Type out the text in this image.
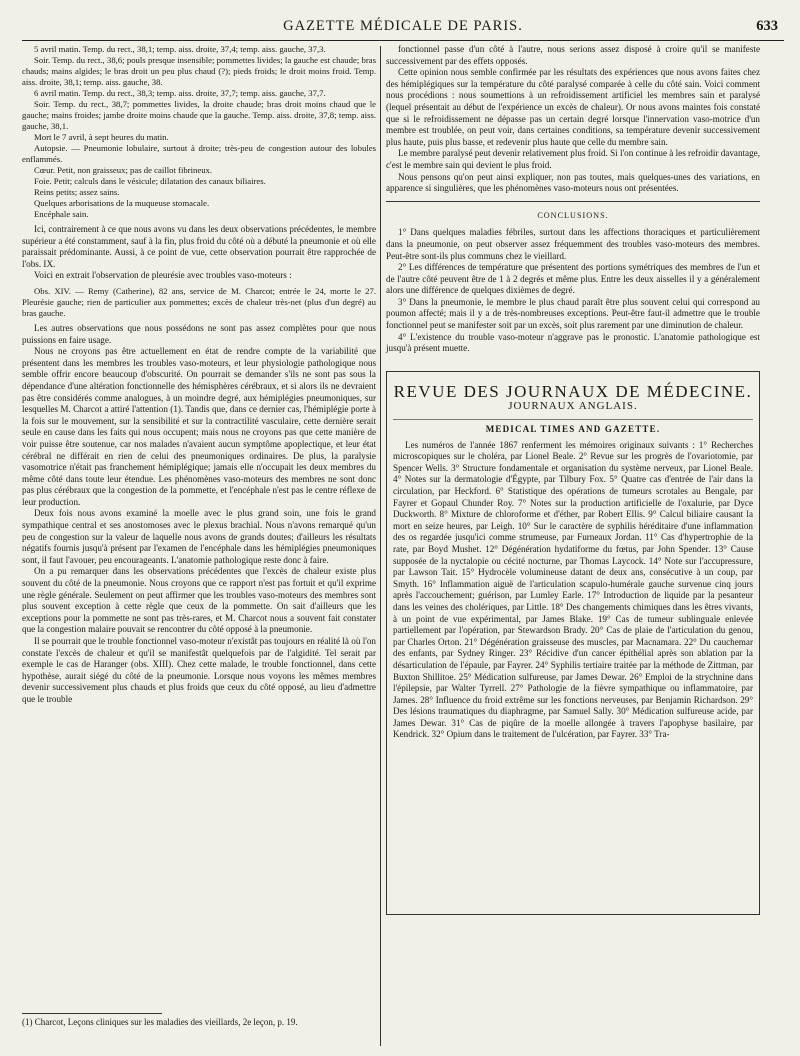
GAZETTE MÉDICALE DE PARIS.	633

5 avril matin. Temp. du rect., 38,1; temp. aiss. droite, 37,4; temp. aiss. gauche, 37,3.

Soir. Temp. du rect., 38,6; pouls presque insensible; pommettes livides; la gauche est chaude; bras chauds; mains algides; le bras droit un peu plus chaud (?); pieds froids; le droit moins froid. Temp. aiss. droite, 38,1; temp. aiss. gauche, 38.

6 avril matin. Temp. du rect., 38,3; temp. aiss. droite, 37,7; temp. aiss. gauche, 37,7.

Soir. Temp. du rect., 38,7; pommettes livides, la droite chaude; bras droit moins chaud que le gauche; mains froides; jambe droite moins chaude que la gauche. Temp. aiss. droite, 37,8; temp. aiss. gauche, 38,1.

Mort le 7 avril, à sept heures du matin.

Autopsie. — Pneumonie lobulaire, surtout à droite; très-peu de congestion autour des lobules enflammés.

Cœur. Petit, non graisseux; pas de caillot fibrineux.

Foie. Petit; calculs dans le vésicule; dilatation des canaux biliaires.

Reins petits; assez sains.

Quelques arborisations de la muqueuse stomacale.

Encéphale sain.

Ici, contrairement à ce que nous avons vu dans les deux observations précédentes, le membre supérieur a été constamment, sauf à la fin, plus froid du côté où a débuté la pneumonie et où elle paraissait prédominante. Aussi, à ce point de vue, cette observation pourrait être rapprochée de l'obs. IX.

Voici en extrait l'observation de pleurésie avec troubles vaso-moteurs :

Obs. XIV. — Remy (Catherine), 82 ans, service de M. Charcot; entrée le 24, morte le 27. Pleurésie gauche; rien de particulier aux pommettes; excès de chaleur très-net (plus d'un degré) au bras gauche.

Les autres observations que nous possédons ne sont pas assez complètes pour que nous puissions en faire usage.

Nous ne croyons pas être actuellement en état de rendre compte de la variabilité que présentent dans les membres les troubles vaso-moteurs, et leur physiologie pathologique nous semble offrir encore beaucoup d'obscurité. On pourrait se demander s'ils ne sont pas sous la dépendance d'une altération fonctionnelle des hémisphères cérébraux, et si alors ils ne devraient pas être considérés comme analogues, à un moindre degré, aux hémiplégies pneumoniques, sur lesquelles M. Charcot a attiré l'attention (1). Tandis que, dans ce dernier cas, l'hémiplégie porte à la fois sur le mouvement, sur la sensibilité et sur la contractilité vasculaire, cette dernière serait seule en cause dans les faits qui nous occupent; mais nous ne croyons pas que cette manière de voir puisse être soutenue, car nos malades n'avaient aucun symptôme apoplectique, et leur état cérébral ne différait en rien de celui des pneumoniques ordinaires. De plus, la paralysie vasomotrice n'était pas franchement hémiplégique; jamais elle n'occupait les deux membres du même côté dans toute leur étendue. Les phénomènes vaso-moteurs des membres ne sont donc pas plus cérébraux que la congestion de la pommette, et l'encéphale n'est pas le centre réflexe de leur production.

Deux fois nous avons examiné la moelle avec le plus grand soin, une fois le grand sympathique central et ses anostomoses avec le plexus brachial. Nous n'avons remarqué qu'un peu de congestion sur la valeur de laquelle nous avons de grands doutes; d'ailleurs les résultats négatifs fournis jusqu'à présent par l'examen de l'encéphale dans les hémiplégies pneumoniques sont, il faut l'avouer, peu encourageants. L'anatomie pathologique reste donc à faire.

On a pu remarquer dans les observations précédentes que l'excès de chaleur existe plus souvent du côté de la pneumonie. Nous croyons que ce rapport n'est pas fortuit et qu'il exprime une règle générale. Seulement on peut affirmer que les troubles vaso-moteurs des membres sont plus souvent exception à cette règle que ceux de la pommette. On sait d'ailleurs que les exceptions pour la pommette ne sont pas très-rares, et M. Charcot nous a souvent fait constater que la congestion malaire pouvait se rencontrer du côté opposé à la pneumonie.

Il se pourrait que le trouble fonctionnel vaso-moteur n'existât pas toujours en réalité là où l'on constate l'excès de chaleur et qu'il se manifestât quelquefois par de l'algidité. Tel serait par exemple le cas de Haranger (obs. XIII). Chez cette malade, le trouble fonctionnel, dans cette hypothèse, aurait siégé du côté de la pneumonie. Lorsque nous voyons les mêmes membres devenir successivement plus chauds et plus froids que ceux du côté opposé, au lieu d'admettre que le trouble

(1) Charcot, Leçons cliniques sur les maladies des vieillards, 2e leçon, p. 19.

fonctionnel passe d'un côté à l'autre, nous serions assez disposé à croire qu'il se manifeste successivement par des effets opposés.

Cette opinion nous semble confirmée par les résultats des expériences que nous avons faites chez des hémiplégiques sur la température du côté paralysé comparée à celle du côté sain. Voici comment nous procédions : nous soumettions à un refroidissement artificiel les membres sain et paralysé (lequel présentait au début de l'expérience un excès de chaleur). Or nous avons maintes fois constaté que si le refroidissement ne dépasse pas un certain degré lorsque l'innervation vaso-motrice d'un membre est troublée, on peut voir, dans certaines conditions, sa température devenir successivement plus haute, puis plus basse, et redevenir plus haute que celle du membre sain.

Le membre paralysé peut devenir relativement plus froid. Si l'on continue à les refroidir davantage, c'est le membre sain qui devient le plus froid.

Nous pensons qu'on peut ainsi expliquer, non pas toutes, mais quelques-unes des variations, en apparence si singulières, que les phénomènes vaso-moteurs nous ont présentées.

CONCLUSIONS.

1° Dans quelques maladies fébriles, surtout dans les affections thoraciques et particulièrement dans la pneumonie, on peut observer assez fréquemment des troubles vaso-moteurs des membres. Peut-être sont-ils plus communs chez le vieillard.

2° Les différences de température que présentent des portions symétriques des membres de l'un et de l'autre côté peuvent être de 1 à 2 degrés et même plus. Entre les deux aisselles il y a généralement alors une différence de quelques dixièmes de degré.

3° Dans la pneumonie, le membre le plus chaud paraît être plus souvent celui qui correspond au poumon affecté; mais il y a de très-nombreuses exceptions. Peut-être faut-il admettre que le trouble fonctionnel peut se manifester soit par un excès, soit plus rarement par une diminution de chaleur.

4° L'existence du trouble vaso-moteur n'aggrave pas le pronostic. L'anatomie pathologique est jusqu'à présent muette.

REVUE DES JOURNAUX DE MÉDECINE.
JOURNAUX ANGLAIS.
MEDICAL TIMES AND GAZETTE.

Les numéros de l'année 1867 renferment les mémoires originaux suivants : 1° Recherches microscopiques sur le choléra, par Lionel Beale. 2° Revue sur les progrès de l'ovariotomie, par Spencer Wells. 3° Structure fondamentale et organisation du système nerveux, par Lionel Beale. 4° Notes sur la dermatologie d'Égypte, par Tilbury Fox. 5° Quatre cas d'entrée de l'air dans la circulation, par Heckford. 6° Statistique des opérations de tumeurs scrotales au Bengale, par Fayrer et Gopaul Chunder Roy. 7° Notes sur la production artificielle de l'oxalurie, par Dyce Duckworth. 8° Mixture de chloroforme et d'éther, par Robert Ellis. 9° Calcul biliaire causant la mort en seize heures, par Leigh. 10° Sur le caractère de syphilis héréditaire d'une inflammation des os regardée jusqu'ici comme strumeuse, par Furneaux Jordan. 11° Cas d'hypertrophie de la rate, par Boyd Mushet. 12° Dégénération hydatiforme du fœtus, par John Spender. 13° Cause supposée de la nyctalopie ou cécité nocturne, par Thomas Laycock. 14° Note sur l'accupressure, par Lawson Tait. 15° Hydrocèle volumineuse datant de deux ans, consécutive à un coup, par Smyth. 16° Inflammation aiguë de l'articulation scapulo-humérale gauche survenue cinq jours après l'accouchement; guérison, par Lumley Earle. 17° Introduction de liquide par la pesanteur dans les veines des cholériques, par Little. 18° Des changements chimiques dans les êtres vivants, à un point de vue expérimental, par James Blake. 19° Cas de tumeur sublinguale enlevée partiellement par l'opération, par Stewardson Brady. 20° Cas de plaie de l'articulation du genou, par Charles Orton. 21° Dégénération graisseuse des muscles, par Macnamara. 22° Du cauchemar des enfants, par Sydney Ringer. 23° Récidive d'un cancer épithélial après son ablation par la désarticulation de l'épaule, par Fayrer. 24° Syphilis tertiaire traitée par la méthode de Zittman, par Buxton Shillitoe. 25° Médication sulfureuse, par James Dewar. 26° Emploi de la strychnine dans l'épilepsie, par Walter Tyrrell. 27° Pathologie de la fièvre sympathique ou inflammatoire, par James. 28° Influence du froid extrême sur les fonctions nerveuses, par Benjamin Richardson. 29° Des lésions traumatiques du diaphragme, par Samuel Sally. 30° Médication sulfureuse acide, par James Dewar. 31° Cas de piqûre de la moelle allongée à travers l'apophyse basilaire, par Kendrick. 32° Opium dans le traitement de l'ulcération, par Fayrer. 33° Tra-
